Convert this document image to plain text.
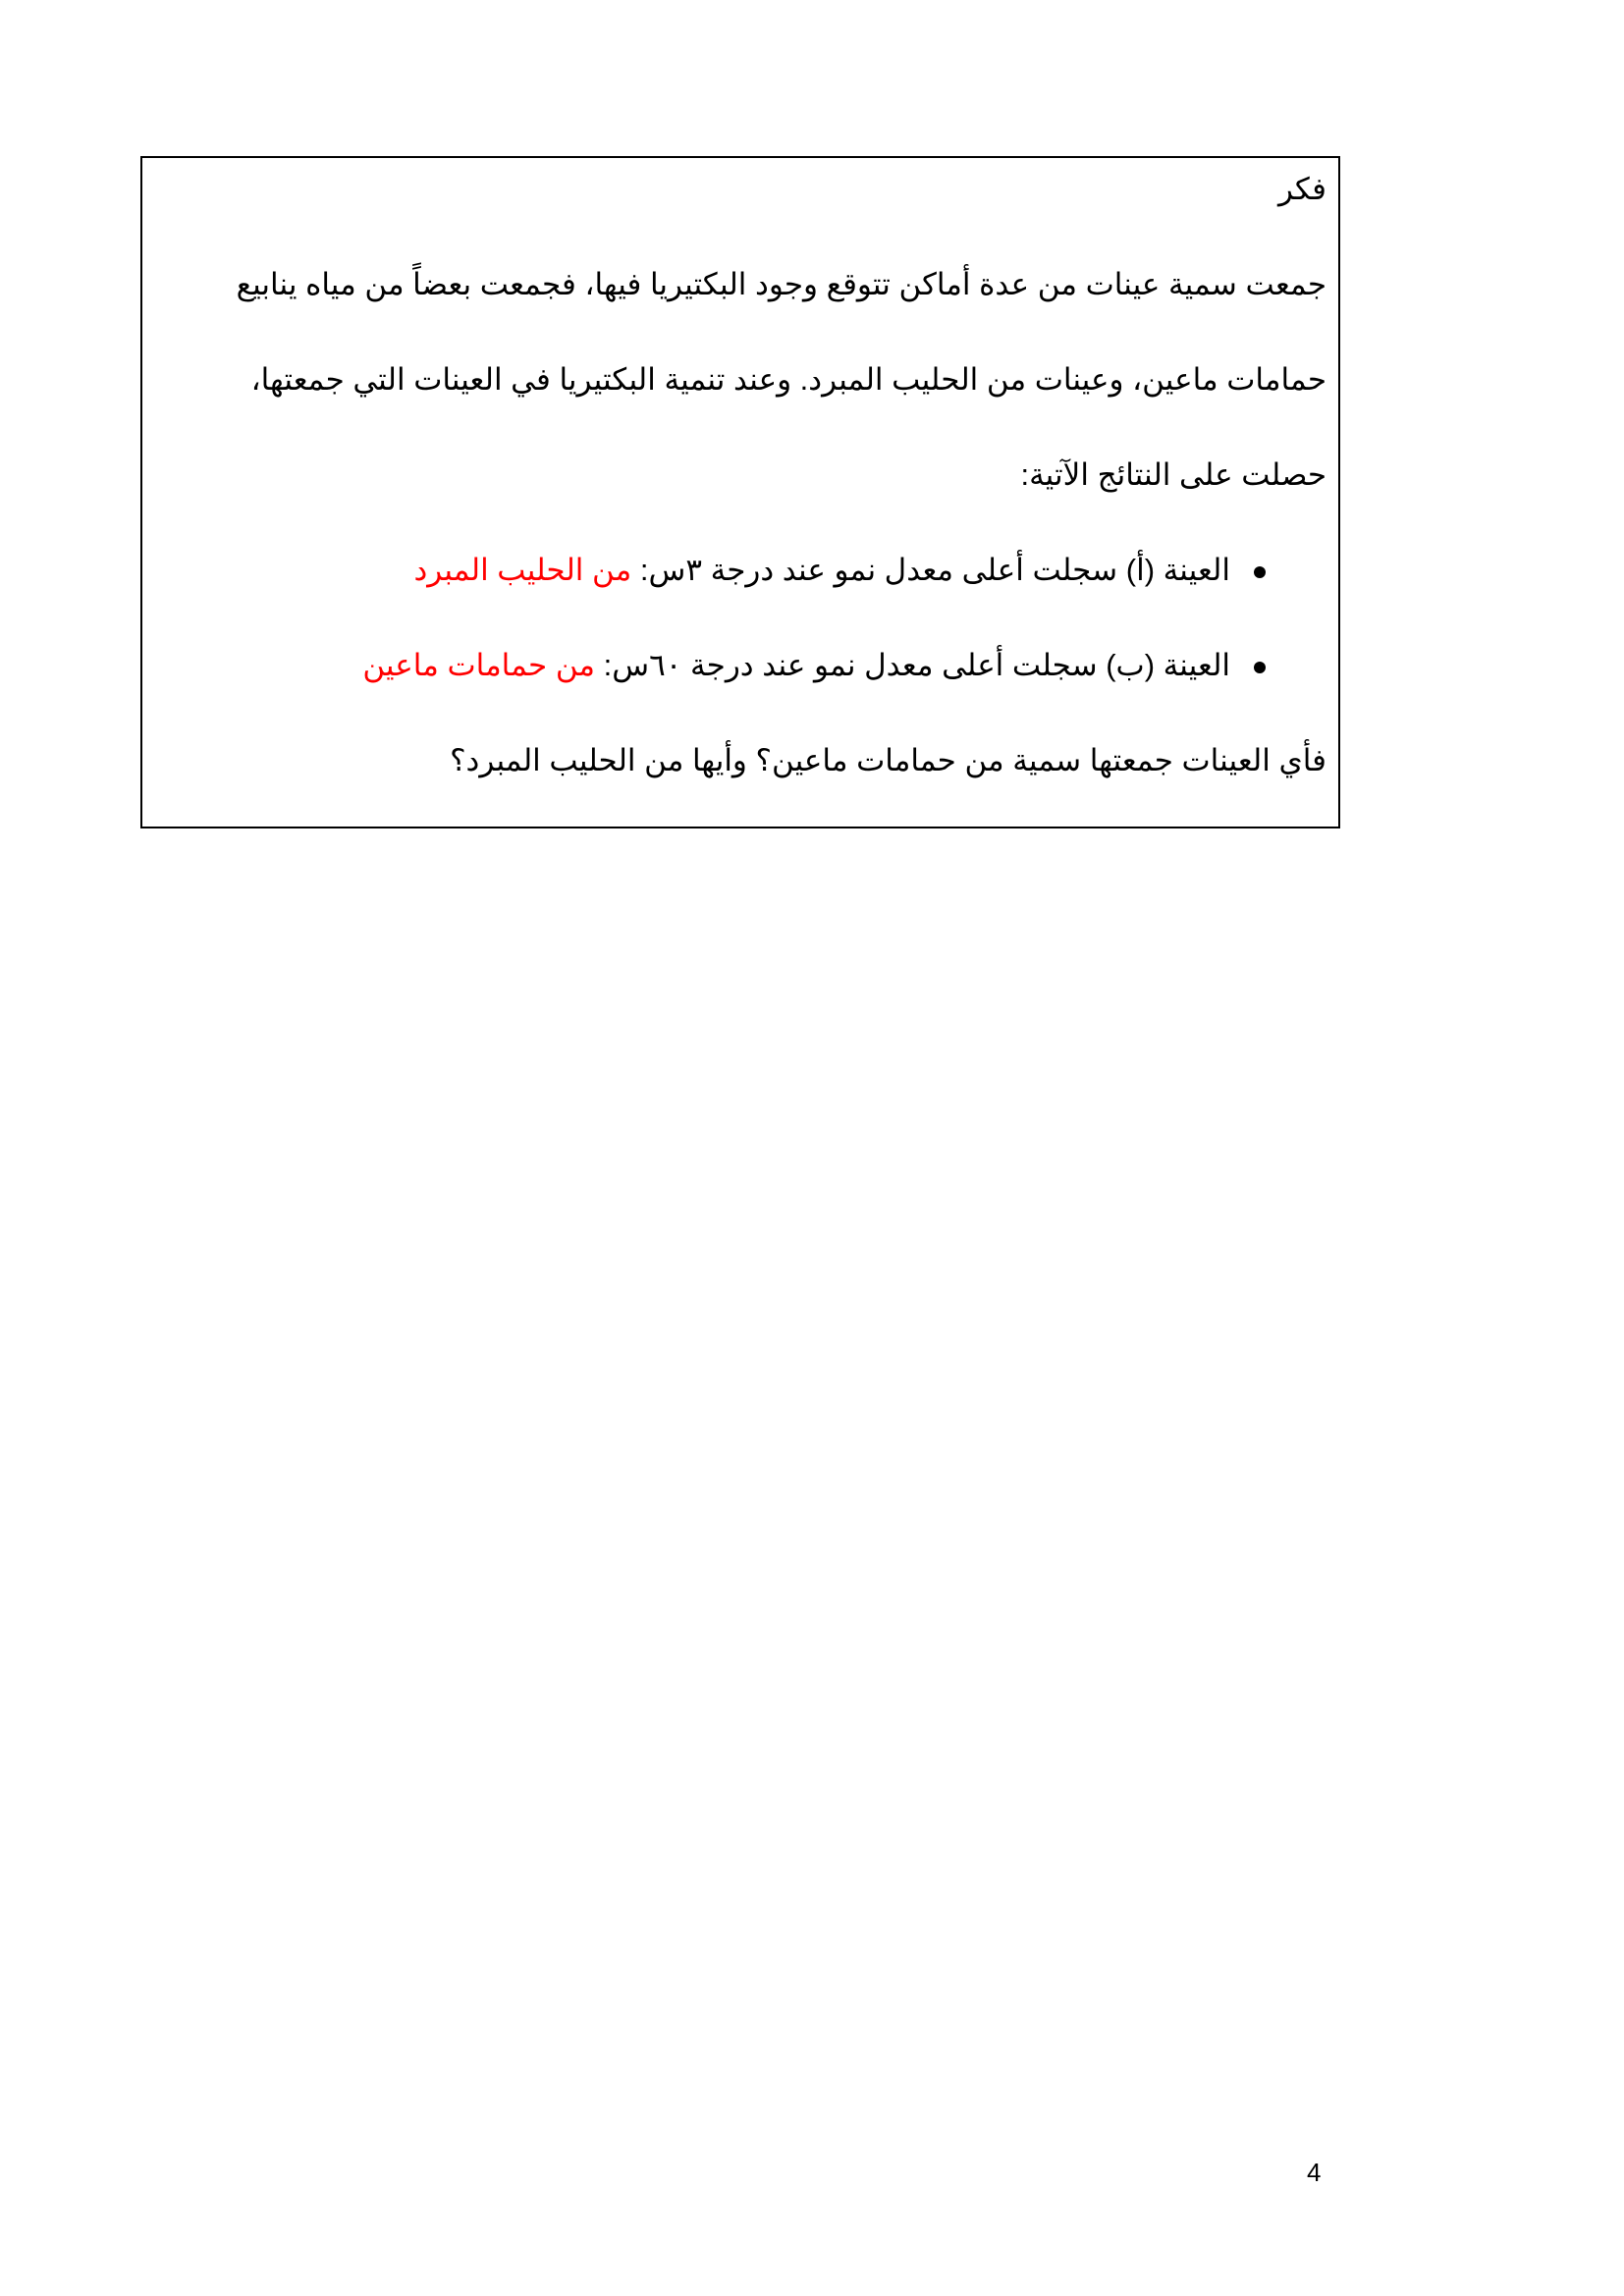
فكر
جمعت سمية عينات من عدة أماكن تتوقع وجود البكتيريا فيها، فجمعت بعضاً من مياه ينابيع
حمامات ماعين، وعينات من الحليب المبرد. وعند تنمية البكتيريا في العينات التي جمعتها،
حصلت على النتائج الآتية:
العينة (أ) سجلت أعلى معدل نمو عند درجة ٣س: من الحليب المبرد
العينة (ب) سجلت أعلى معدل نمو عند درجة ٦٠س: من حمامات ماعين
فأي العينات جمعتها سمية من حمامات ماعين؟ وأيها من الحليب المبرد؟
4
